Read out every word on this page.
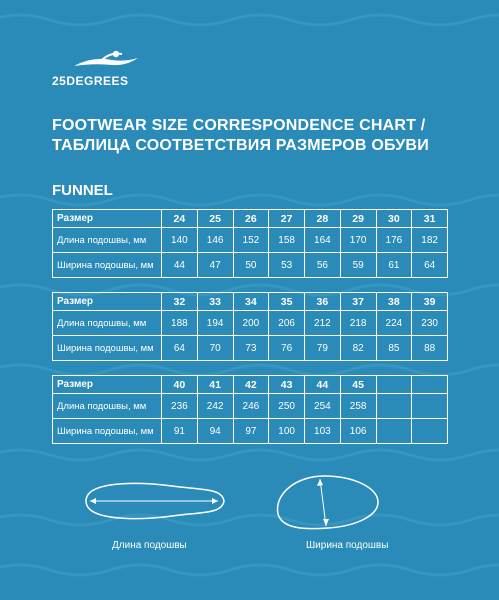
25DEGREES
FOOTWEAR SIZE CORRESPONDENCE CHART /
ТАБЛИЦА СООТВЕТСТВИЯ РАЗМЕРОВ ОБУВИ
FUNNEL
Размер	24	25	26	27	28	29	30	31
Длина подошвы, мм	140	146	152	158	164	170	176	182
Ширина подошвы, мм	44	47	50	53	56	59	61	64
Размер	32	33	34	35	36	37	38	39
Длина подошвы, мм	188	194	200	206	212	218	224	230
Ширина подошвы, мм	64	70	73	76	79	82	85	88
Размер	40	41	42	43	44	45		
Длина подошвы, мм	236	242	246	250	254	258		
Ширина подошвы, мм	91	94	97	100	103	106		
Длина подошвы	Ширина подошвы
